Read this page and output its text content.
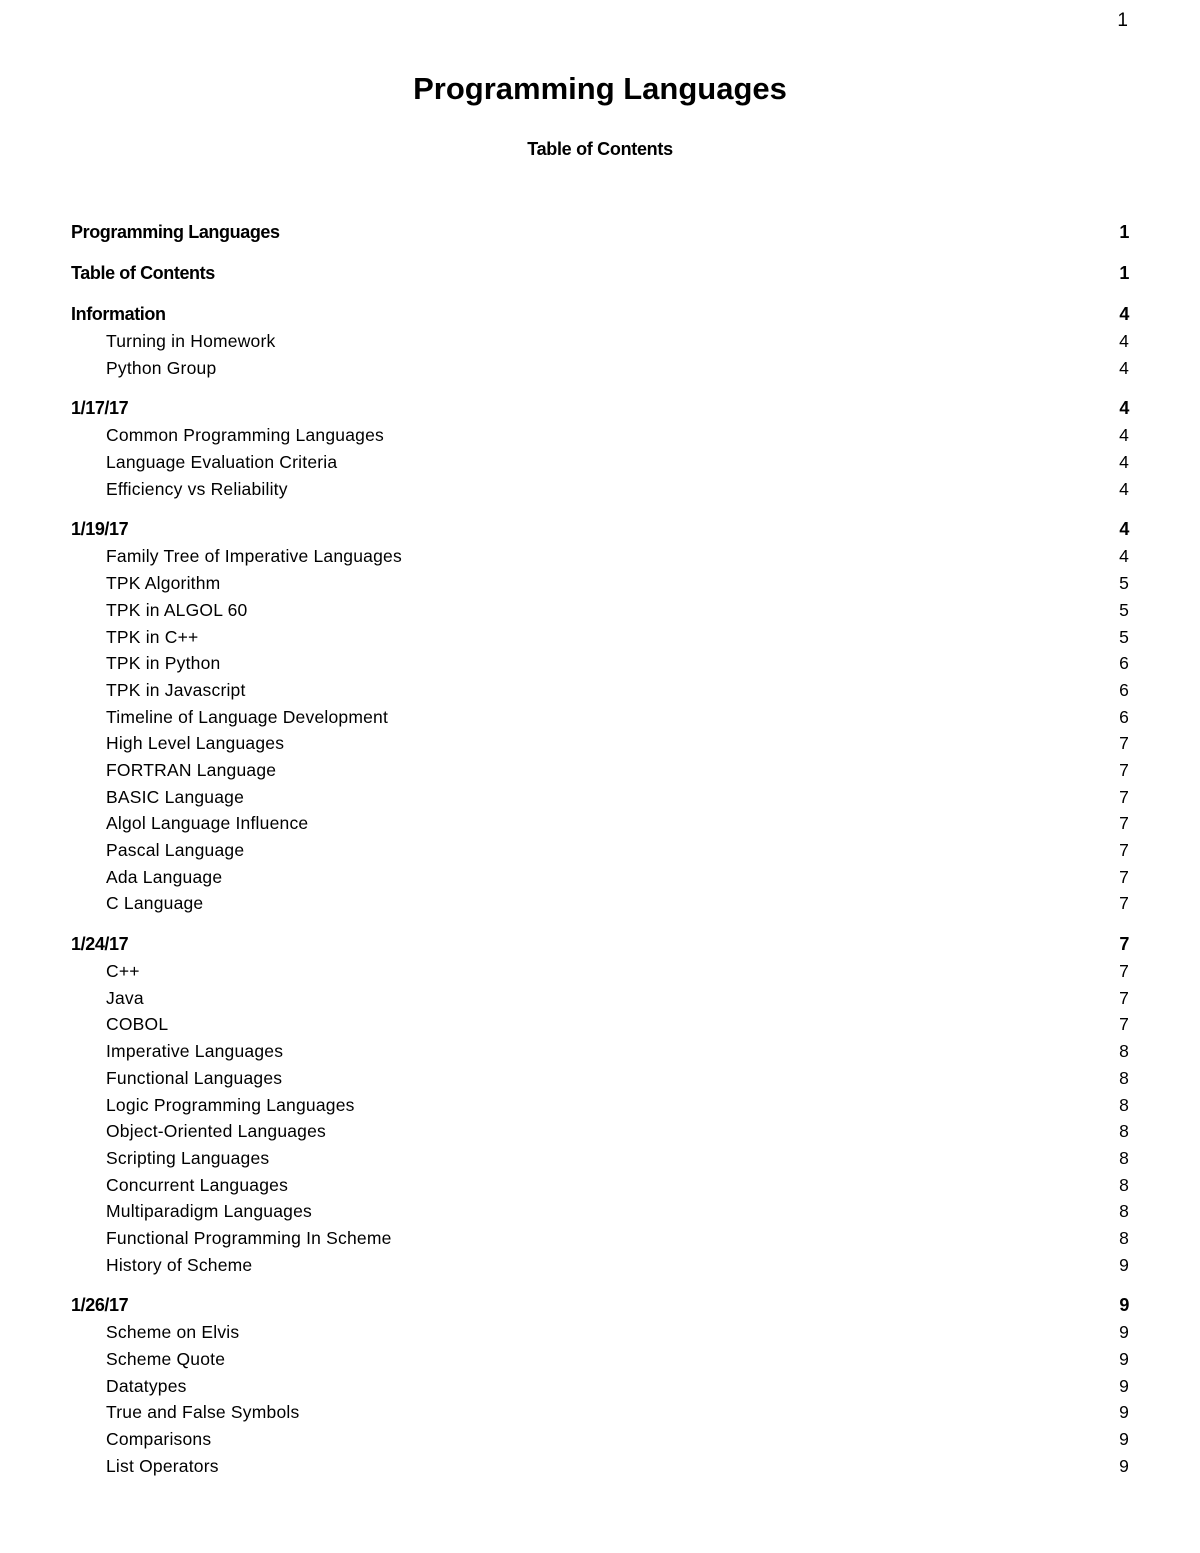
1
Programming Languages
Table of Contents
Programming Languages	1
Table of Contents	1
Information	4
Turning in Homework	4
Python Group	4
1/17/17	4
Common Programming Languages	4
Language Evaluation Criteria	4
Efficiency vs Reliability	4
1/19/17	4
Family Tree of Imperative Languages	4
TPK Algorithm	5
TPK in ALGOL 60	5
TPK in C++	5
TPK in Python	6
TPK in Javascript	6
Timeline of Language Development	6
High Level Languages	7
FORTRAN Language	7
BASIC Language	7
Algol Language Influence	7
Pascal Language	7
Ada Language	7
C Language	7
1/24/17	7
C++	7
Java	7
COBOL	7
Imperative Languages	8
Functional Languages	8
Logic Programming Languages	8
Object-Oriented Languages	8
Scripting Languages	8
Concurrent Languages	8
Multiparadigm Languages	8
Functional Programming In Scheme	8
History of Scheme	9
1/26/17	9
Scheme on Elvis	9
Scheme Quote	9
Datatypes	9
True and False Symbols	9
Comparisons	9
List Operators	9
